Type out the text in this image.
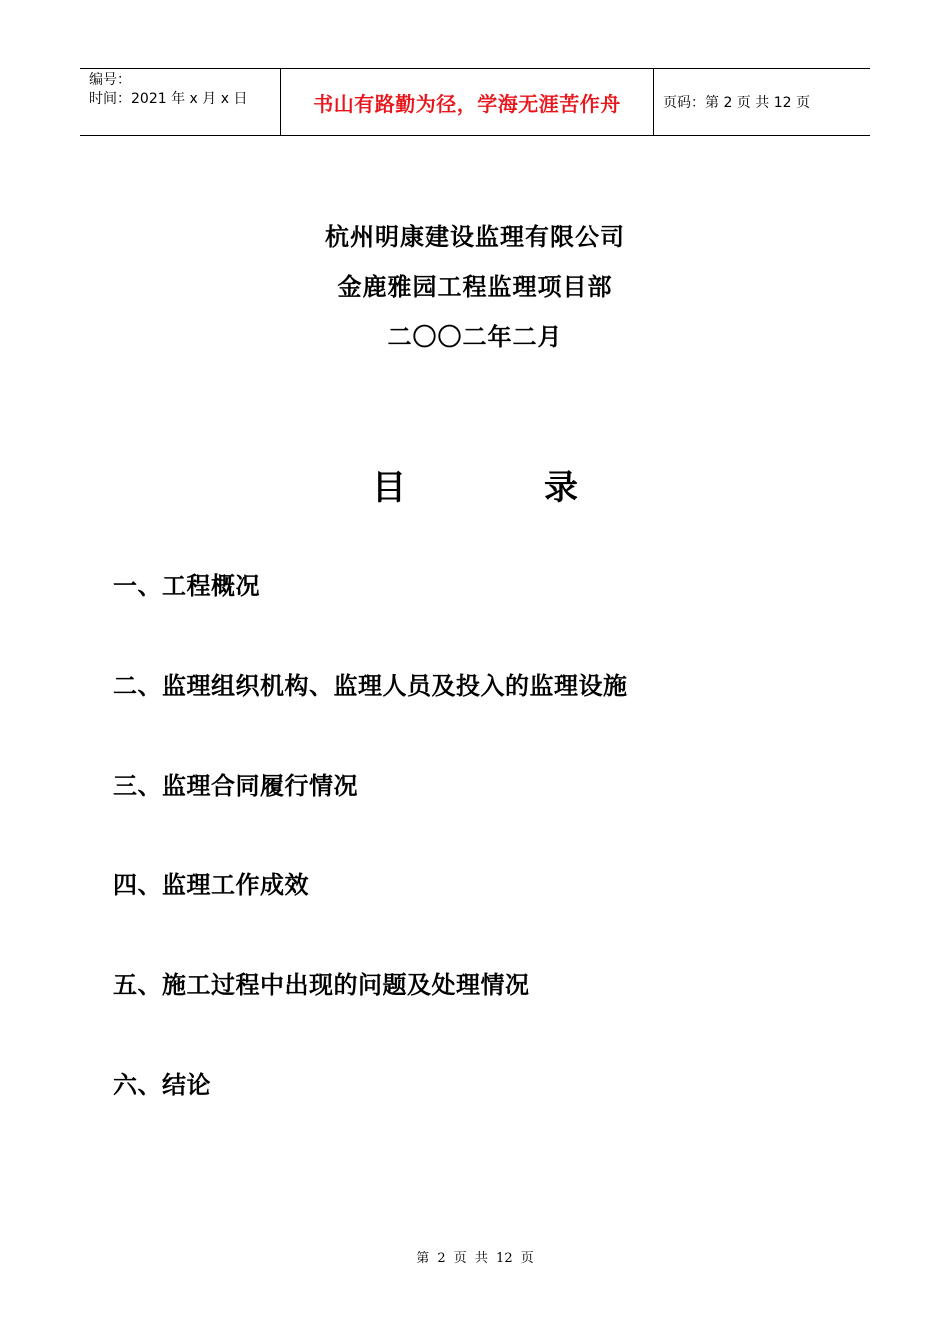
编号：
时间：2021 年 x 月 x 日	书山有路勤为径，学海无涯苦作舟	页码：第 2 页 共 12 页
杭州明康建设监理有限公司
金鹿雅园工程监理项目部
二〇〇二年二月
目	录
一、工程概况
二、监理组织机构、监理人员及投入的监理设施
三、监理合同履行情况
四、监理工作成效
五、施工过程中出现的问题及处理情况
六、结论
第 2 页 共 12 页
